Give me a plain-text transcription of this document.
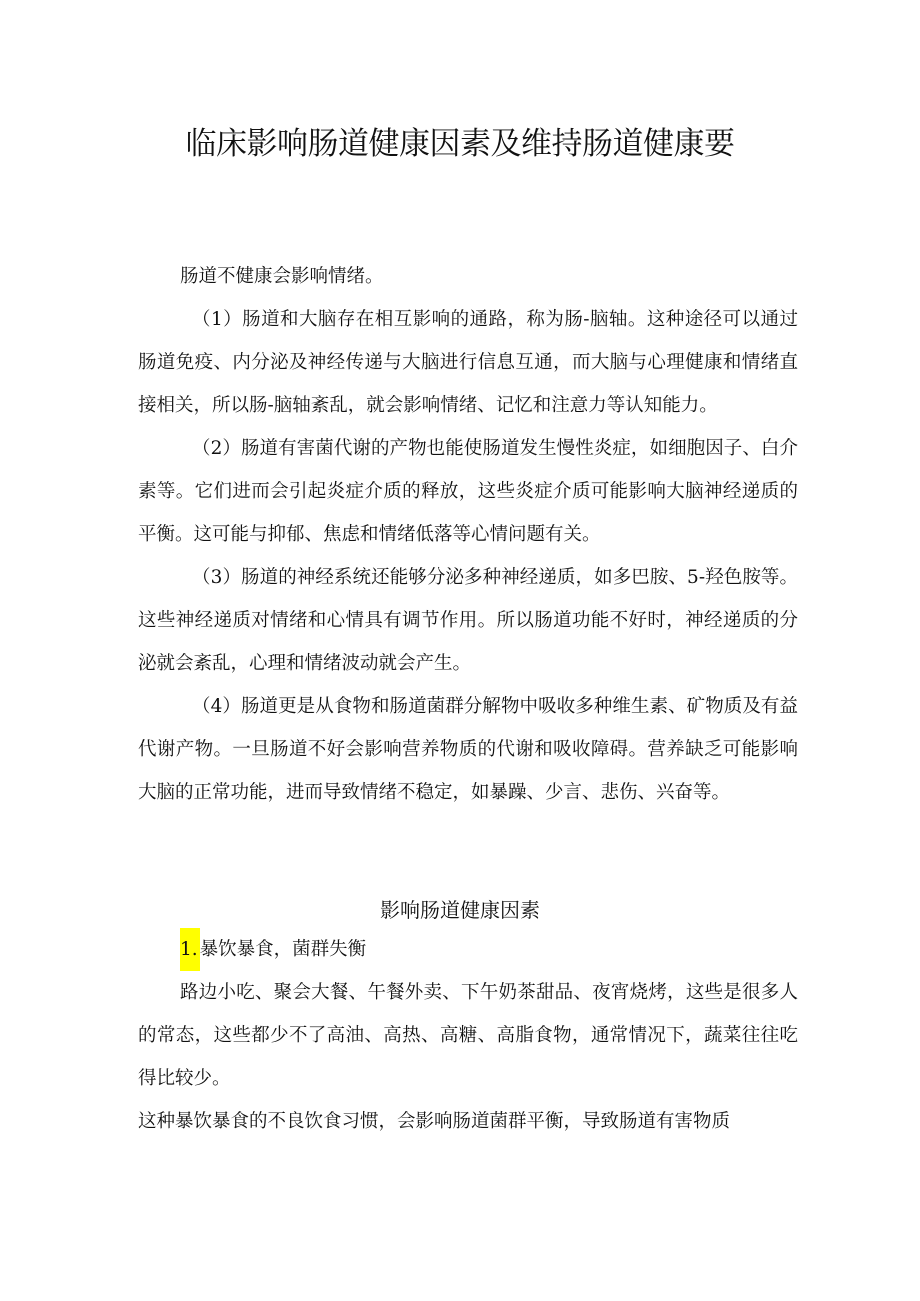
临床影响肠道健康因素及维持肠道健康要
肠道不健康会影响情绪。

（1）肠道和大脑存在相互影响的通路，称为肠-脑轴。这种途径可以通过肠道免疫、内分泌及神经传递与大脑进行信息互通，而大脑与心理健康和情绪直接相关，所以肠-脑轴紊乱，就会影响情绪、记忆和注意力等认知能力。

（2）肠道有害菌代谢的产物也能使肠道发生慢性炎症，如细胞因子、白介素等。它们进而会引起炎症介质的释放，这些炎症介质可能影响大脑神经递质的平衡。这可能与抑郁、焦虑和情绪低落等心情问题有关。

（3）肠道的神经系统还能够分泌多种神经递质，如多巴胺、5-羟色胺等。这些神经递质对情绪和心情具有调节作用。所以肠道功能不好时，神经递质的分泌就会紊乱，心理和情绪波动就会产生。

（4）肠道更是从食物和肠道菌群分解物中吸收多种维生素、矿物质及有益代谢产物。一旦肠道不好会影响营养物质的代谢和吸收障碍。营养缺乏可能影响大脑的正常功能，进而导致情绪不稳定，如暴躁、少言、悲伤、兴奋等。

影响肠道健康因素
1. 暴饮暴食，菌群失衡

路边小吃、聚会大餐、午餐外卖、下午奶茶甜品、夜宵烧烤，这些是很多人的常态，这些都少不了高油、高热、高糖、高脂食物，通常情况下，蔬菜往往吃得比较少。

这种暴饮暴食的不良饮食习惯，会影响肠道菌群平衡，导致肠道有害物质
